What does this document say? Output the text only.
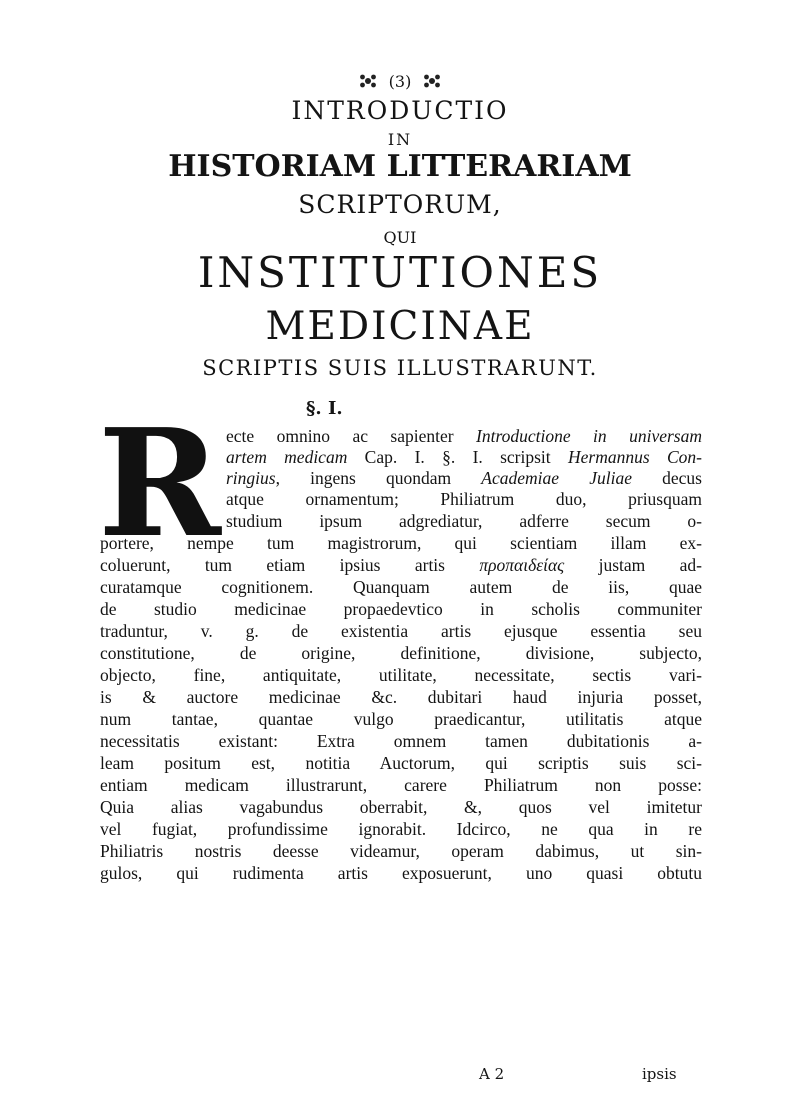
(3)
INTRODUCTIO
IN
HISTORIAM LITTERARIAM
SCRIPTORUM,
QUI
INSTITUTIONES
MEDICINAE
SCRIPTIS SUIS ILLUSTRARUNT.
§. I.
R ecte omnino ac sapienter Introductione in universam
artem medicam Cap. I. §. I. scripsit Hermannus Con-
ringius, ingens quondam Academiae Juliae decus
atque ornamentum; Philiatrum duo, priusquam
studium ipsum adgrediatur, adferre secum o-
portere, nempe tum magistrorum, qui scientiam illam ex-
coluerunt, tum etiam ipsius artis προπαιδείας justam ad-
curatamque cognitionem. Quanquam autem de iis, quae
de studio medicinae propaedevtico in scholis communiter
traduntur, v. g. de existentia artis ejusque essentia seu
constitutione, de origine, definitione, divisione, subjecto,
objecto, fine, antiquitate, utilitate, necessitate, sectis vari-
is & auctore medicinae &c. dubitari haud injuria posset,
num tantae, quantae vulgo praedicantur, utilitatis atque
necessitatis existant: Extra omnem tamen dubitationis a-
leam positum est, notitia Auctorum, qui scriptis suis sci-
entiam medicam illustrarunt, carere Philiatrum non posse:
Quia alias vagabundus oberrabit, &, quos vel imitetur
vel fugiat, profundissime ignorabit. Idcirco, ne qua in re
Philiatris nostris deesse videamur, operam dabimus, ut sin-
gulos, qui rudimenta artis exposuerunt, uno quasi obtutu
A 2	ipsis
